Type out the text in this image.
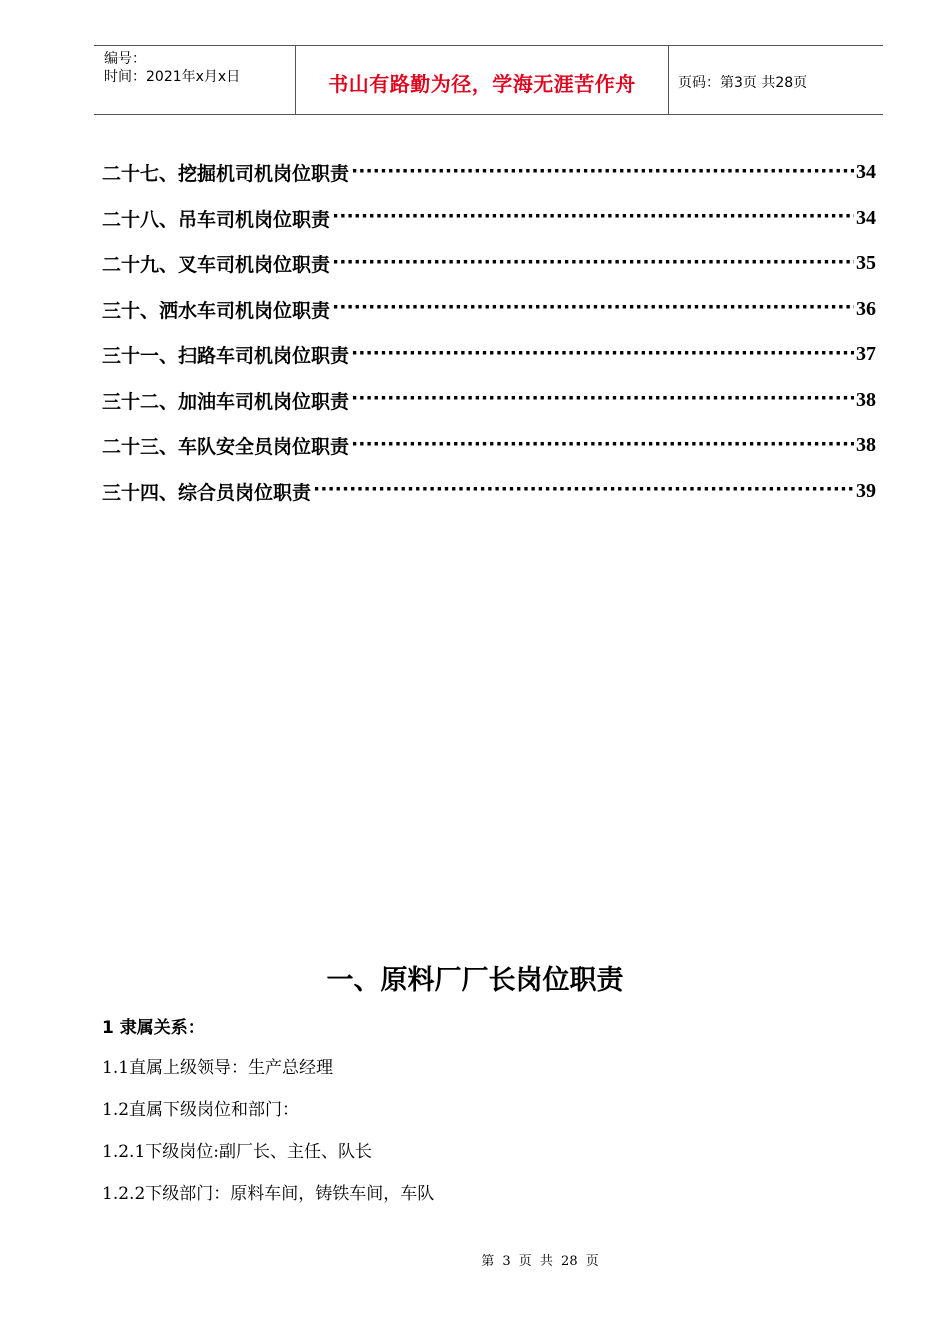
编号：
时间：2021年x月x日	书山有路勤为径，学海无涯苦作舟	页码：第3页 共28页
二十七、挖掘机司机岗位职责 ·····	34
二十八、吊车司机岗位职责 ·····	34
二十九、叉车司机岗位职责 ·····	35
三十、洒水车司机岗位职责 ·····	36
三十一、扫路车司机岗位职责 ·····	37
三十二、加油车司机岗位职责 ·····	38
二十三、车队安全员岗位职责 ·····	38
三十四、综合员岗位职责 ·····	39
一、原料厂厂长岗位职责
1 隶属关系：
1.1直属上级领导：生产总经理
1.2直属下级岗位和部门：
1.2.1下级岗位:副厂长、主任、队长
1.2.2下级部门：原料车间，铸铁车间，车队
第 3 页 共 28 页
